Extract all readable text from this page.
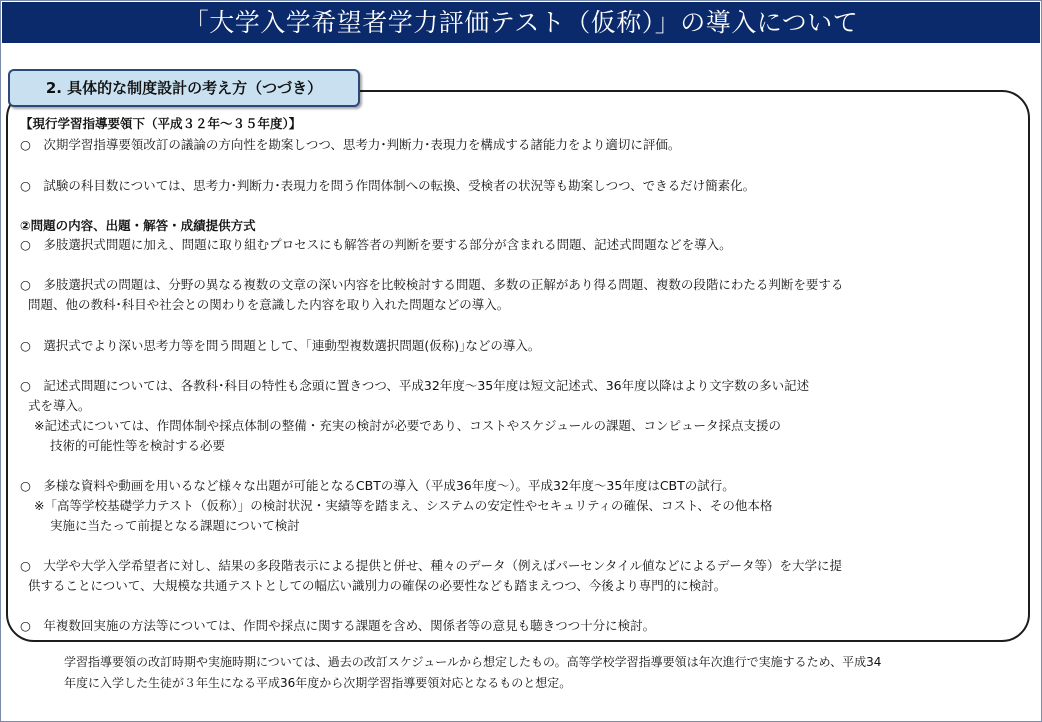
「大学入学希望者学力評価テスト（仮称）」の導入について
2. 具体的な制度設計の考え方（つづき）
【現行学習指導要領下（平成３２年～３５年度）】
○　次期学習指導要領改訂の議論の方向性を勘案しつつ、思考力･判断力･表現力を構成する諸能力をより適切に評価。
○　試験の科目数については、思考力･判断力･表現力を問う作問体制への転換、受検者の状況等も勘案しつつ、できるだけ簡素化。
②問題の内容、出題・解答・成績提供方式
○　多肢選択式問題に加え、問題に取り組むプロセスにも解答者の判断を要する部分が含まれる問題、記述式問題などを導入。
○　多肢選択式の問題は、分野の異なる複数の文章の深い内容を比較検討する問題、多数の正解があり得る問題、複数の段階にわたる判断を要する
問題、他の教科･科目や社会との関わりを意識した内容を取り入れた問題などの導入。
○　選択式でより深い思考力等を問う問題として、｢連動型複数選択問題(仮称)｣などの導入。
○　記述式問題については、各教科･科目の特性も念頭に置きつつ、平成32年度～35年度は短文記述式、36年度以降はより文字数の多い記述
式を導入。
※記述式については、作問体制や採点体制の整備・充実の検討が必要であり、コストやスケジュールの課題、コンピュータ採点支援の
技術的可能性等を検討する必要
○　多様な資料や動画を用いるなど様々な出題が可能となるCBTの導入（平成36年度～）。平成32年度～35年度はCBTの試行。
※「高等学校基礎学力テスト（仮称）」の検討状況・実績等を踏まえ、システムの安定性やセキュリティの確保、コスト、その他本格
実施に当たって前提となる課題について検討
○　大学や大学入学希望者に対し、結果の多段階表示による提供と併せ、種々のデータ（例えばパーセンタイル値などによるデータ等）を大学に提
供することについて、大規模な共通テストとしての幅広い識別力の確保の必要性なども踏まえつつ、今後より専門的に検討。
○　年複数回実施の方法等については、作問や採点に関する課題を含め、関係者等の意見も聴きつつ十分に検討。
学習指導要領の改訂時期や実施時期については、過去の改訂スケジュールから想定したもの。高等学校学習指導要領は年次進行で実施するため、平成34
年度に入学した生徒が３年生になる平成36年度から次期学習指導要領対応となるものと想定。
